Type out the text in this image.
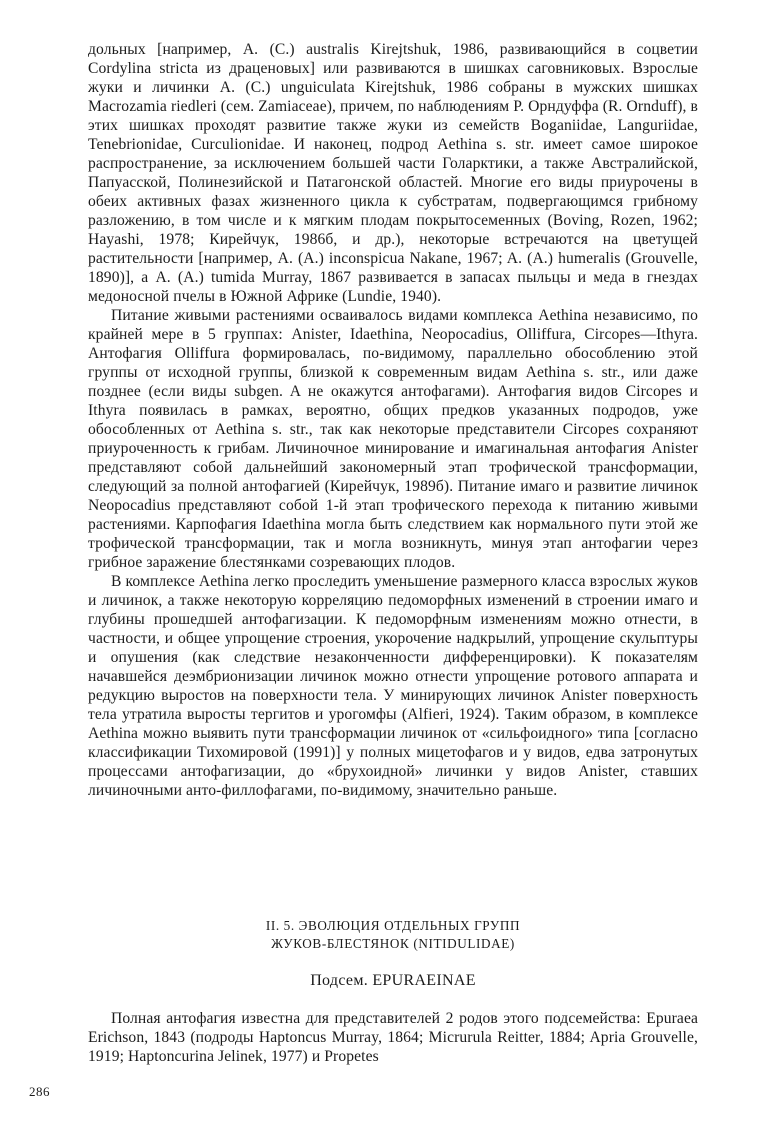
дольных [например, A. (C.) australis Kirejtshuk, 1986, развивающийся в соцветии Cordylina stricta из драценовых] или развиваются в шишках саговниковых. Взрослые жуки и личинки A. (C.) unguiculata Kirejtshuk, 1986 собраны в мужских шишках Macrozamia riedleri (сем. Zamiaceae), причем, по наблюдениям Р. Орндуффа (R. Ornduff), в этих шишках проходят развитие также жуки из семейств Boganiidae, Languriidae, Tenebrionidae, Curculionidae. И наконец, подрод Aethina s. str. имеет самое широкое распространение, за исключением большей части Голарктики, а также Австралийской, Папуасской, Полинезийской и Патагонской областей. Многие его виды приурочены в обеих активных фазах жизненного цикла к субстратам, подвергающимся грибному разложению, в том числе и к мягким плодам покрытосеменных (Boving, Rozen, 1962; Hayashi, 1978; Кирейчук, 1986б, и др.), некоторые встречаются на цветущей растительности [например, A. (A.) inconspicua Nakane, 1967; A. (A.) humeralis (Grouvelle, 1890)], а A. (A.) tumida Murray, 1867 развивается в запасах пыльцы и меда в гнездах медоносной пчелы в Южной Африке (Lundie, 1940).

Питание живыми растениями осваивалось видами комплекса Aethina независимо, по крайней мере в 5 группах: Anister, Idaethina, Neopocadius, Olliffura, Circopes—Ithyra. Антофагия Olliffura формировалась, по-видимому, параллельно обособлению этой группы от исходной группы, близкой к современным видам Aethina s. str., или даже позднее (если виды subgen. A не окажутся антофагами). Антофагия видов Circopes и Ithyra появилась в рамках, вероятно, общих предков указанных подродов, уже обособленных от Aethina s. str., так как некоторые представители Circopes сохраняют приуроченность к грибам. Личиночное минирование и имагинальная антофагия Anister представляют собой дальнейший закономерный этап трофической трансформации, следующий за полной антофагией (Кирейчук, 1989б). Питание имаго и развитие личинок Neopocadius представляют собой 1-й этап трофического перехода к питанию живыми растениями. Карпофагия Idaethina могла быть следствием как нормального пути этой же трофической трансформации, так и могла возникнуть, минуя этап антофагии через грибное заражение блестянками созревающих плодов.

В комплексе Aethina легко проследить уменьшение размерного класса взрослых жуков и личинок, а также некоторую корреляцию педоморфных изменений в строении имаго и глубины прошедшей антофагизации. К педоморфным изменениям можно отнести, в частности, и общее упрощение строения, укорочение надкрылий, упрощение скульптуры и опушения (как следствие незаконченности дифференцировки). К показателям начавшейся деэмбрионизации личинок можно отнести упрощение ротового аппарата и редукцию выростов на поверхности тела. У минирующих личинок Anister поверхность тела утратила выросты тергитов и урогомфы (Alfieri, 1924). Таким образом, в комплексе Aethina можно выявить пути трансформации личинок от «сильфоидного» типа [согласно классификации Тихомировой (1991)] у полных мицетофагов и у видов, едва затронутых процессами антофагизации, до «брухоидной» личинки у видов Anister, ставших личиночными анто-филлофагами, по-видимому, значительно раньше.

II. 5. ЭВОЛЮЦИЯ ОТДЕЛЬНЫХ ГРУПП
ЖУКОВ-БЛЕСТЯНОК (NITIDULIDAE)
Подсем. EPURAEINAE

Полная антофагия известна для представителей 2 родов этого подсемейства: Epuraea Erichson, 1843 (подроды Haptoncus Murray, 1864; Micrurula Reitter, 1884; Apria Grouvelle, 1919; Haptoncurina Jelinek, 1977) и Propetes

286
